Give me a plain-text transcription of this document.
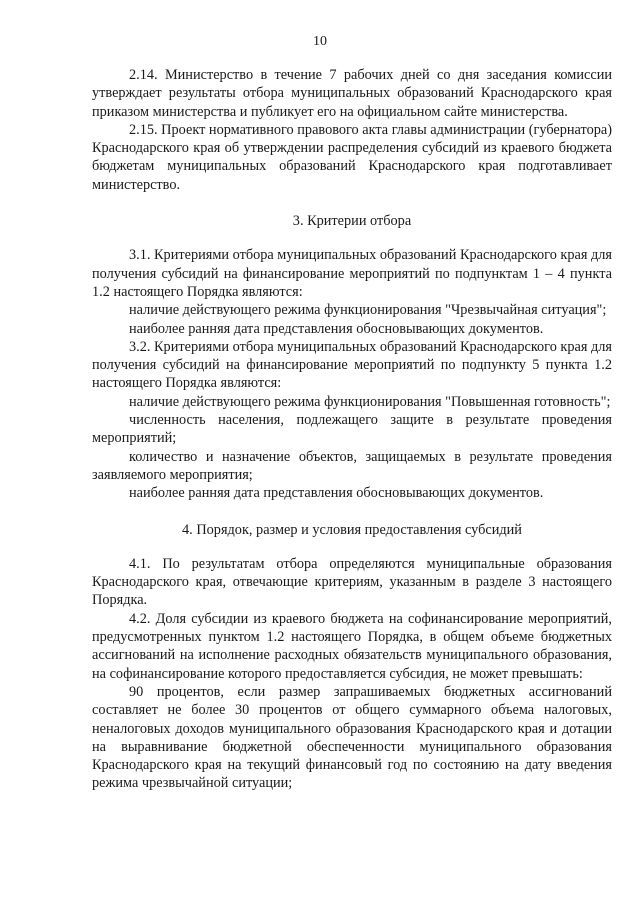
10

2.14. Министерство в течение 7 рабочих дней со дня заседания комиссии утверждает результаты отбора муниципальных образований Краснодарского края приказом министерства и публикует его на официальном сайте министерства.

2.15. Проект нормативного правового акта главы администрации (губернатора) Краснодарского края об утверждении распределения субсидий из краевого бюджета бюджетам муниципальных образований Краснодарского края подготавливает министерство.

3. Критерии отбора

3.1. Критериями отбора муниципальных образований Краснодарского края для получения субсидий на финансирование мероприятий по подпунктам 1 – 4 пункта 1.2 настоящего Порядка являются:

наличие действующего режима функционирования "Чрезвычайная ситуация";

наиболее ранняя дата представления обосновывающих документов.

3.2. Критериями отбора муниципальных образований Краснодарского края для получения субсидий на финансирование мероприятий по подпункту 5 пункта 1.2 настоящего Порядка являются:

наличие действующего режима функционирования "Повышенная готовность";

численность населения, подлежащего защите в результате проведения мероприятий;

количество и назначение объектов, защищаемых в результате проведения заявляемого мероприятия;

наиболее ранняя дата представления обосновывающих документов.

4. Порядок, размер и условия предоставления субсидий

4.1. По результатам отбора определяются муниципальные образования Краснодарского края, отвечающие критериям, указанным в разделе 3 настоящего Порядка.

4.2. Доля субсидии из краевого бюджета на софинансирование мероприятий, предусмотренных пунктом 1.2 настоящего Порядка, в общем объеме бюджетных ассигнований на исполнение расходных обязательств муниципального образования, на софинансирование которого предоставляется субсидия, не может превышать:

90 процентов, если размер запрашиваемых бюджетных ассигнований составляет не более 30 процентов от общего суммарного объема налоговых, неналоговых доходов муниципального образования Краснодарского края и дотации на выравнивание бюджетной обеспеченности муниципального образования Краснодарского края на текущий финансовый год по состоянию на дату введения режима чрезвычайной ситуации;
